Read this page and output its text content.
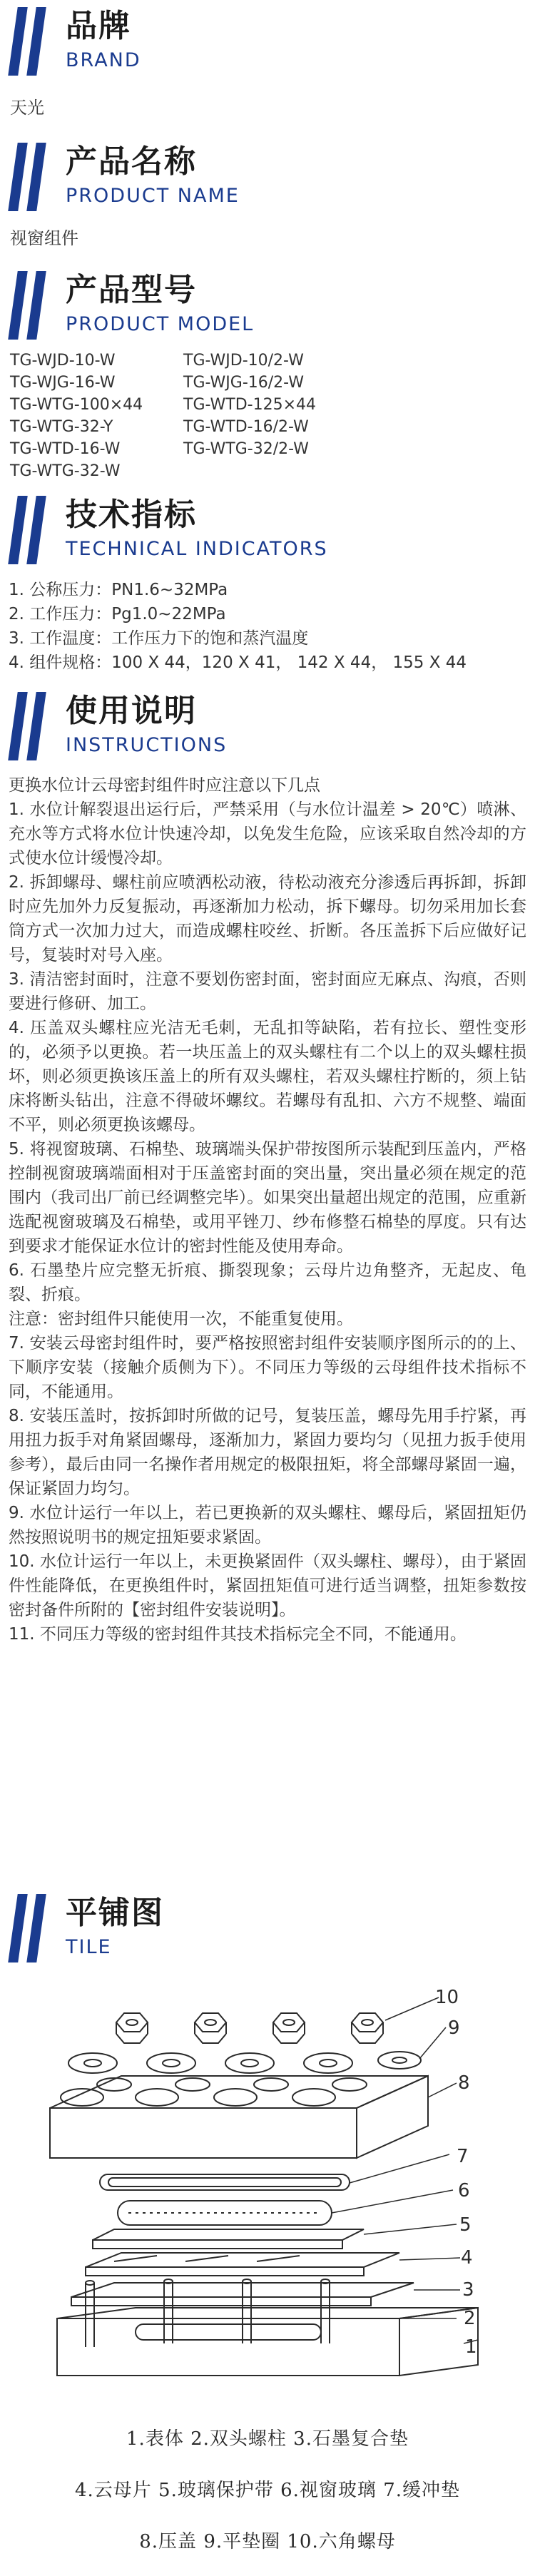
品牌
BRAND
天光
产品名称
PRODUCT NAME
视窗组件
产品型号
PRODUCT MODEL
TG-WJD-10-W	TG-WJD-10/2-W
TG-WJG-16-W	TG-WJG-16/2-W
TG-WTG-100×44	TG-WTD-125×44
TG-WTG-32-Y	TG-WTD-16/2-W
TG-WTD-16-W	TG-WTG-32/2-W
TG-WTG-32-W
技术指标
TECHNICAL INDICATORS
1. 公称压力：PN1.6~32MPa
2. 工作压力：Pg1.0~22MPa
3. 工作温度：工作压力下的饱和蒸汽温度
4. 组件规格：100 X 44，120 X 41， 142 X 44， 155 X 44
使用说明
INSTRUCTIONS

更换水位计云母密封组件时应注意以下几点

1. 水位计解裂退出运行后，严禁采用（与水位计温差 > 20℃）喷淋、充水等方式将水位计快速冷却，以免发生危险，应该采取自然冷却的方式使水位计缓慢冷却。

2. 拆卸螺母、螺柱前应喷洒松动液，待松动液充分渗透后再拆卸，拆卸时应先加外力反复振动，再逐渐加力松动，拆下螺母。切勿采用加长套筒方式一次加力过大，而造成螺柱咬丝、折断。各压盖拆下后应做好记号，复装时对号入座。

3. 清洁密封面时，注意不要划伤密封面，密封面应无麻点、沟痕，否则要进行修研、加工。

4. 压盖双头螺柱应光洁无毛刺，无乱扣等缺陷，若有拉长、塑性变形的，必须予以更换。若一块压盖上的双头螺柱有二个以上的双头螺柱损坏，则必须更换该压盖上的所有双头螺柱，若双头螺柱拧断的，须上钻床将断头钻出，注意不得破坏螺纹。若螺母有乱扣、六方不规整、端面不平，则必须更换该螺母。

5. 将视窗玻璃、石棉垫、玻璃端头保护带按图所示装配到压盖内，严格控制视窗玻璃端面相对于压盖密封面的突出量，突出量必须在规定的范围内（我司出厂前已经调整完毕）。如果突出量超出规定的范围，应重新选配视窗玻璃及石棉垫，或用平锉刀、纱布修整石棉垫的厚度。只有达到要求才能保证水位计的密封性能及使用寿命。

6. 石墨垫片应完整无折痕、撕裂现象；云母片边角整齐，无起皮、龟裂、折痕。

注意：密封组件只能使用一次，不能重复使用。

7. 安装云母密封组件时，要严格按照密封组件安装顺序图所示的的上、下顺序安装（接触介质侧为下）。不同压力等级的云母组件技术指标不同，不能通用。

8. 安装压盖时，按拆卸时所做的记号，复装压盖，螺母先用手拧紧，再用扭力扳手对角紧固螺母，逐渐加力，紧固力要均匀（见扭力扳手使用参考），最后由同一名操作者用规定的极限扭矩，将全部螺母紧固一遍，保证紧固力均匀。

9. 水位计运行一年以上，若已更换新的双头螺柱、螺母后，紧固扭矩仍然按照说明书的规定扭矩要求紧固。

10. 水位计运行一年以上，未更换紧固件（双头螺柱、螺母），由于紧固件性能降低，在更换组件时，紧固扭矩值可进行适当调整，扭矩参数按密封备件所附的【密封组件安装说明】。

11. 不同压力等级的密封组件其技术指标完全不同，不能通用。

平铺图
TILE
10
9
8
7
6
5
4
3
2
1
1.表体 2.双头螺柱 3.石墨复合垫
4.云母片 5.玻璃保护带 6.视窗玻璃 7.缓冲垫
8.压盖 9.平垫圈 10.六角螺母
